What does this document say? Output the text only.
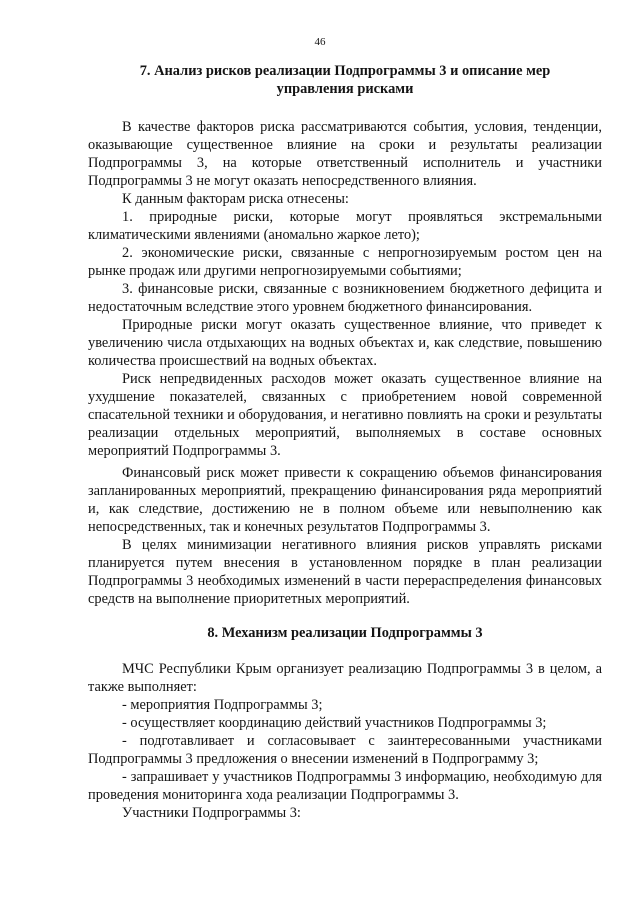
46
7. Анализ рисков реализации Подпрограммы 3 и описание мер
управления рисками

В качестве факторов риска рассматриваются события, условия, тенденции, оказывающие существенное влияние на сроки и результаты реализации Подпрограммы 3, на которые ответственный исполнитель и участники Подпрограммы 3 не могут оказать непосредственного влияния.

К данным факторам риска отнесены:

1. природные риски, которые могут проявляться экстремальными климатическими явлениями (аномально жаркое лето);

2. экономические риски, связанные с непрогнозируемым ростом цен на рынке продаж или другими непрогнозируемыми событиями;

3. финансовые риски, связанные с возникновением бюджетного дефицита и недостаточным вследствие этого уровнем бюджетного финансирования.

Природные риски могут оказать существенное влияние, что приведет к увеличению числа отдыхающих на водных объектах и, как следствие, повышению количества происшествий на водных объектах.

Риск непредвиденных расходов может оказать существенное влияние на ухудшение показателей, связанных с приобретением новой современной спасательной техники и оборудования, и негативно повлиять на сроки и результаты реализации отдельных мероприятий, выполняемых в составе основных мероприятий Подпрограммы 3.

Финансовый риск может привести к сокращению объемов финансирования запланированных мероприятий, прекращению финансирования ряда мероприятий и, как следствие, достижению не в полном объеме или невыполнению как непосредственных, так и конечных результатов Подпрограммы 3.

В целях минимизации негативного влияния рисков управлять рисками планируется путем внесения в установленном порядке в план реализации Подпрограммы 3 необходимых изменений в части перераспределения финансовых средств на выполнение приоритетных мероприятий.

8. Механизм реализации Подпрограммы 3

МЧС Республики Крым организует реализацию Подпрограммы 3 в целом, а также выполняет:

- мероприятия Подпрограммы 3;

- осуществляет координацию действий участников Подпрограммы 3;

- подготавливает и согласовывает с заинтересованными участниками Подпрограммы 3 предложения о внесении изменений в Подпрограмму 3;

- запрашивает у участников Подпрограммы 3 информацию, необходимую для проведения мониторинга хода реализации Подпрограммы 3.

Участники Подпрограммы 3:
